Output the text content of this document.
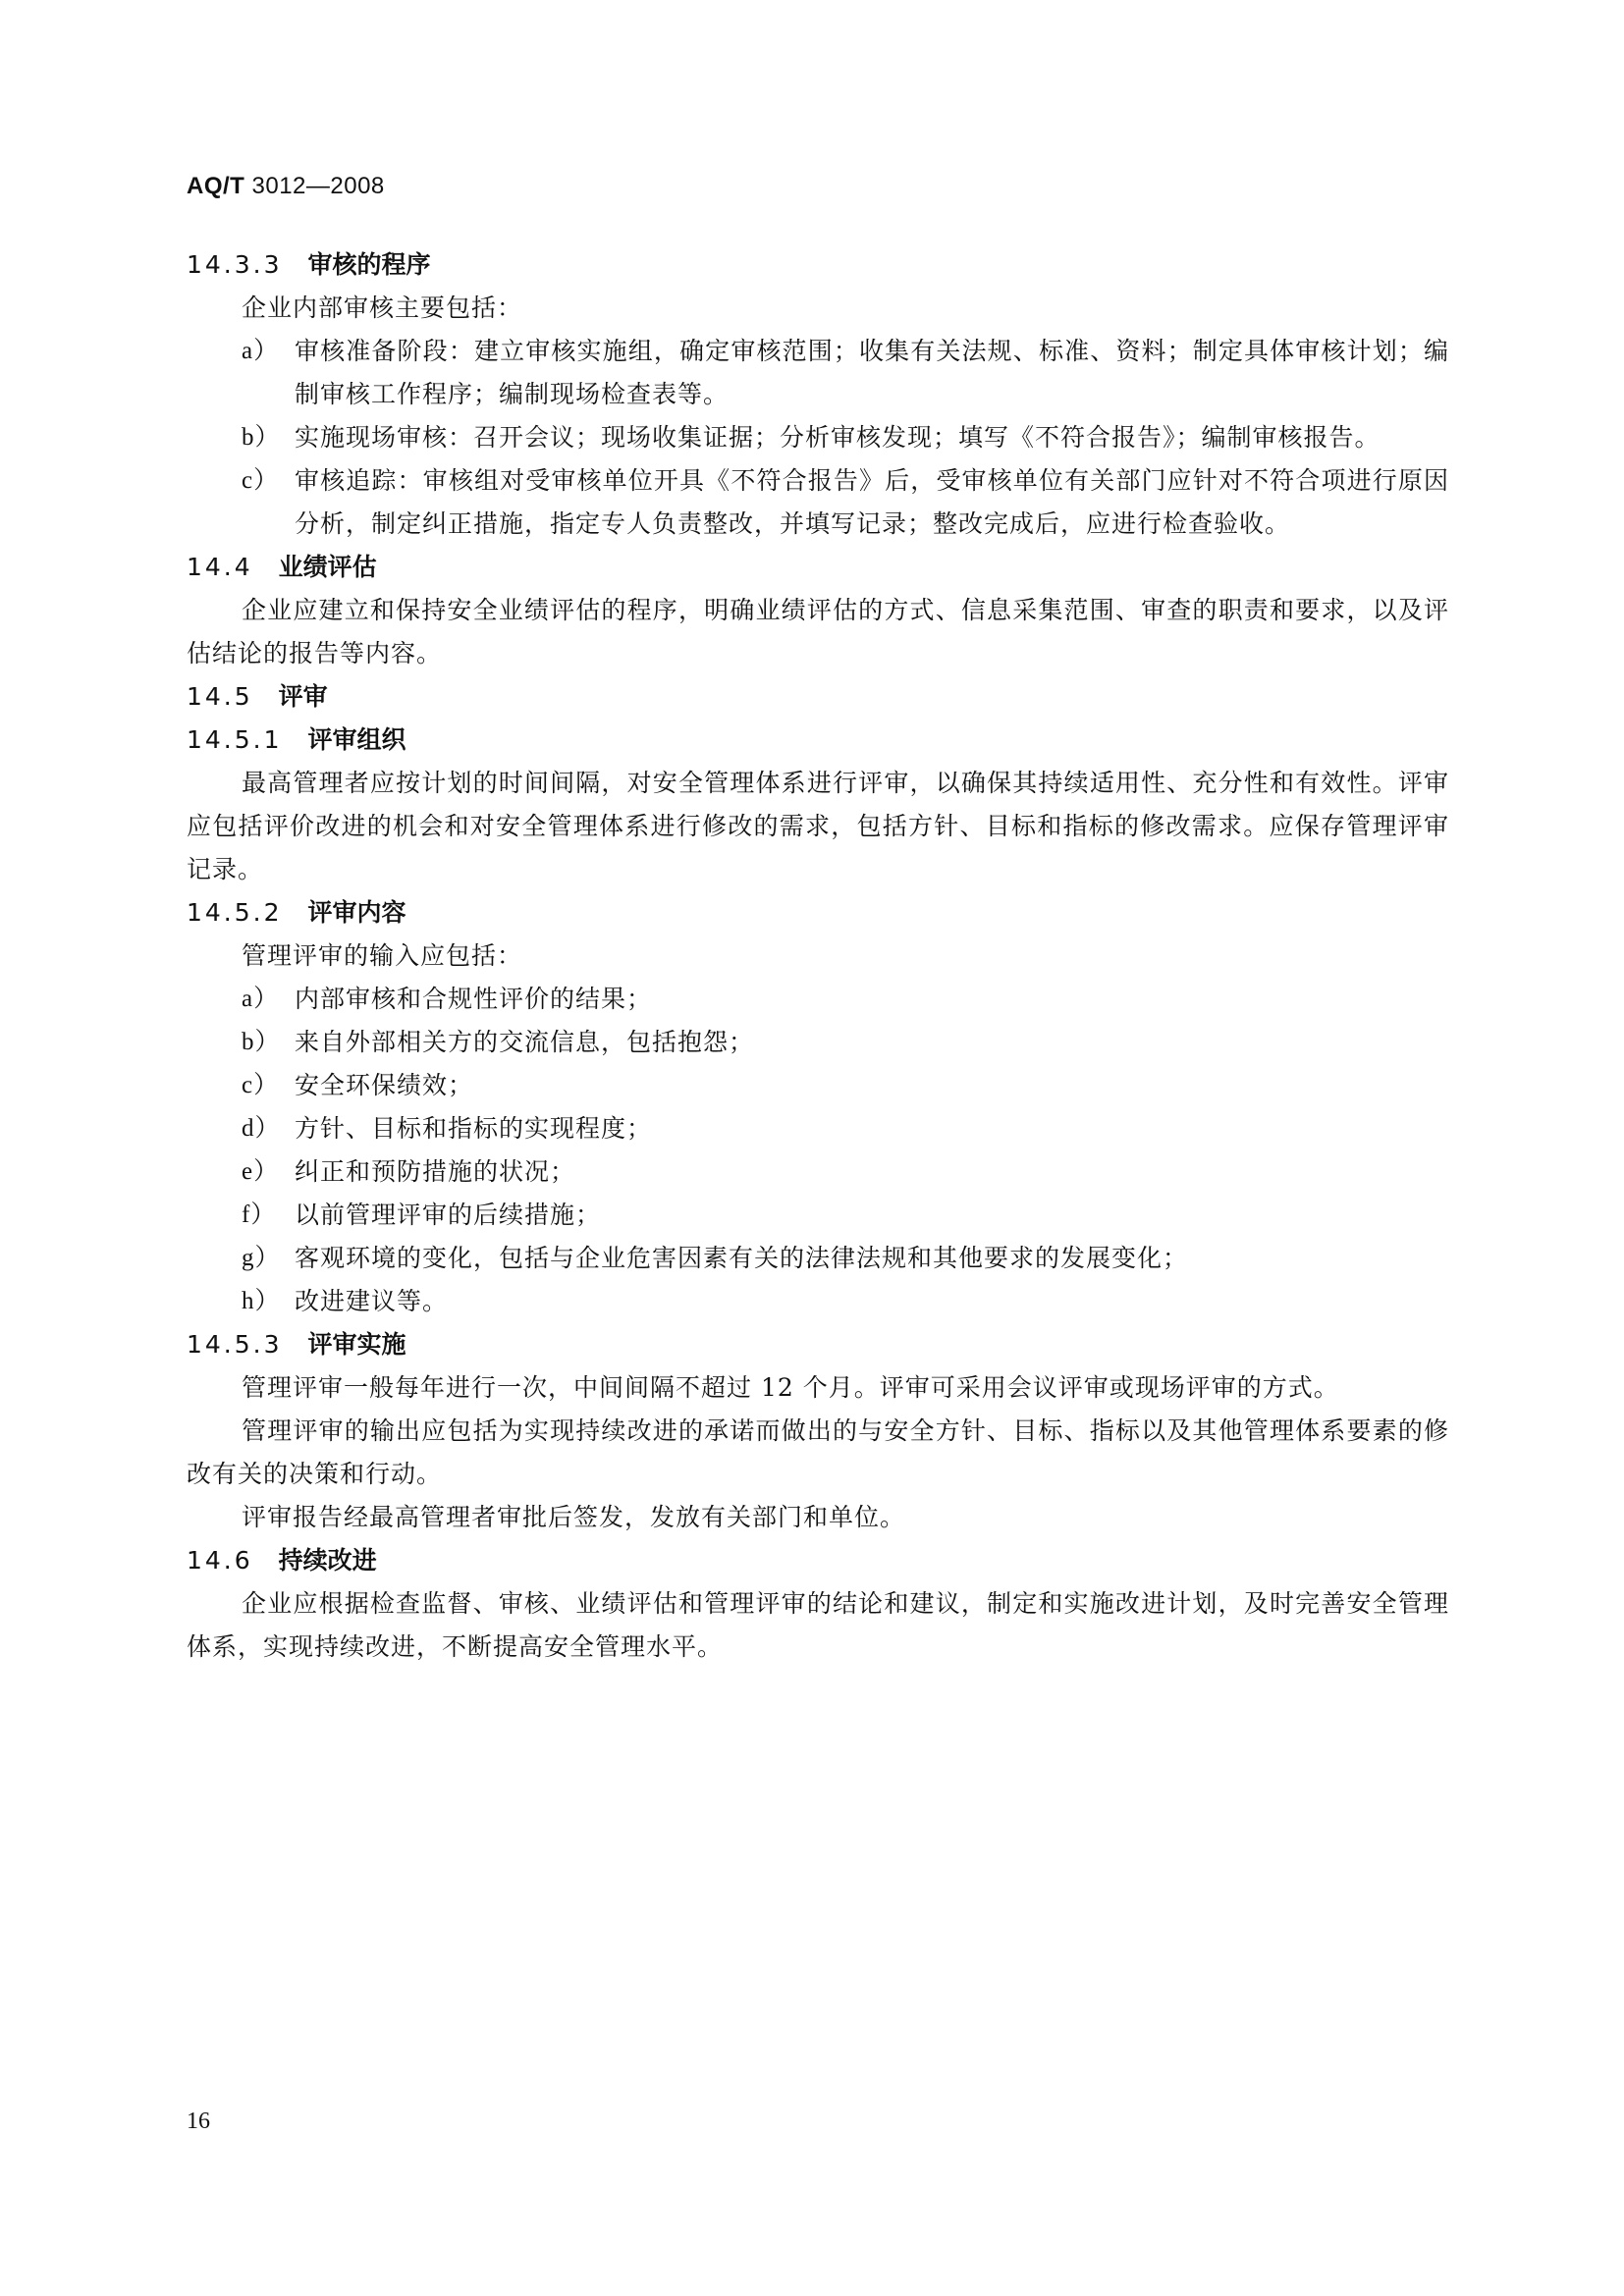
AQ/T 3012—2008
14.3.3 审核的程序
企业内部审核主要包括：
a） 审核准备阶段：建立审核实施组，确定审核范围；收集有关法规、标准、资料；制定具体审核计划；编制审核工作程序；编制现场检查表等。
b） 实施现场审核：召开会议；现场收集证据；分析审核发现；填写《不符合报告》；编制审核报告。
c） 审核追踪：审核组对受审核单位开具《不符合报告》后，受审核单位有关部门应针对不符合项进行原因分析，制定纠正措施，指定专人负责整改，并填写记录；整改完成后，应进行检查验收。
14.4 业绩评估
企业应建立和保持安全业绩评估的程序，明确业绩评估的方式、信息采集范围、审查的职责和要求，以及评估结论的报告等内容。
14.5 评审
14.5.1 评审组织
最高管理者应按计划的时间间隔，对安全管理体系进行评审，以确保其持续适用性、充分性和有效性。评审应包括评价改进的机会和对安全管理体系进行修改的需求，包括方针、目标和指标的修改需求。应保存管理评审记录。
14.5.2 评审内容
管理评审的输入应包括：
a） 内部审核和合规性评价的结果；
b） 来自外部相关方的交流信息，包括抱怨；
c） 安全环保绩效；
d） 方针、目标和指标的实现程度；
e） 纠正和预防措施的状况；
f） 以前管理评审的后续措施；
g） 客观环境的变化，包括与企业危害因素有关的法律法规和其他要求的发展变化；
h） 改进建议等。
14.5.3 评审实施
管理评审一般每年进行一次，中间间隔不超过 12 个月。评审可采用会议评审或现场评审的方式。
管理评审的输出应包括为实现持续改进的承诺而做出的与安全方针、目标、指标以及其他管理体系要素的修改有关的决策和行动。
评审报告经最高管理者审批后签发，发放有关部门和单位。
14.6 持续改进
企业应根据检查监督、审核、业绩评估和管理评审的结论和建议，制定和实施改进计划，及时完善安全管理体系，实现持续改进，不断提高安全管理水平。
16
